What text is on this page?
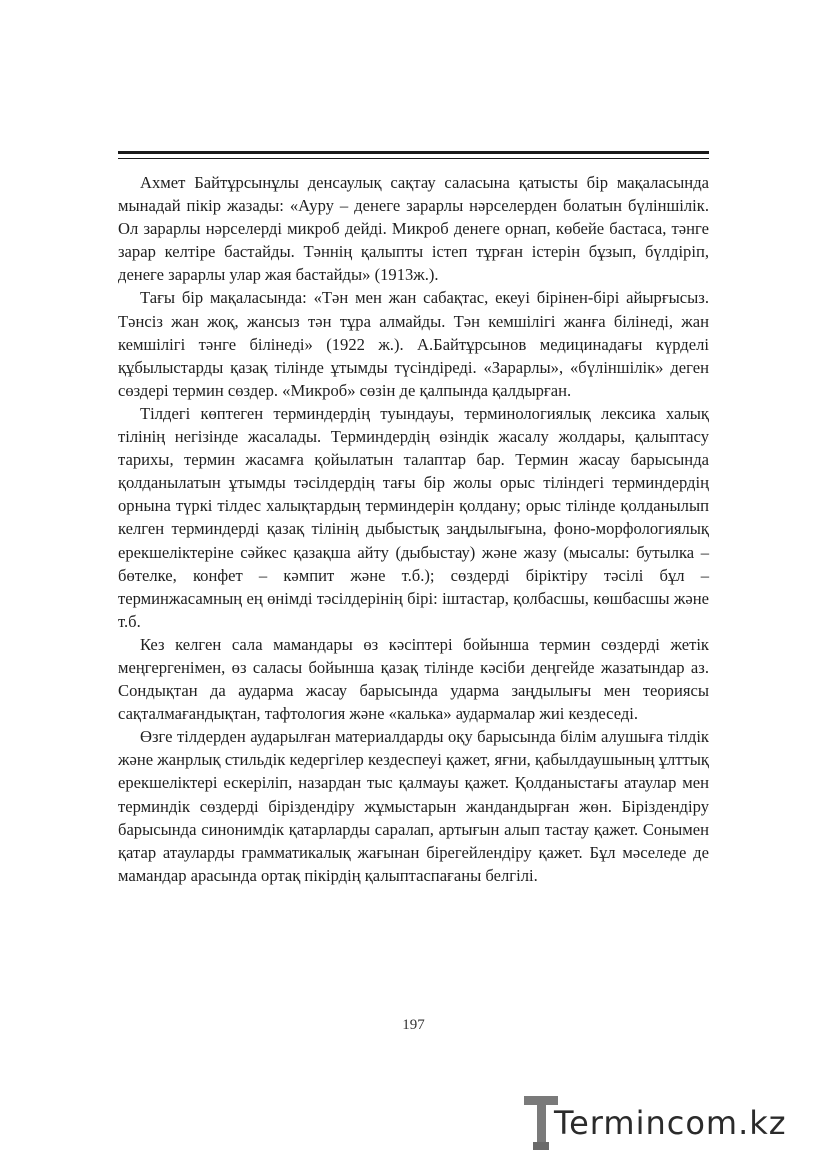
Ахмет Байтұрсынұлы денсаулық сақтау саласына қатысты бір мақаласында мынадай пікір жазады: «Ауру – денеге зарарлы нәрселерден болатын бүліншілік. Ол зарарлы нәрселерді микроб дейді. Микроб денеге орнап, көбейе бастаса, тәнге зарар келтіре бастайды. Тәннің қалыпты істеп тұрған істерін бұзып, бүлдіріп, денеге зарарлы улар жая бастайды» (1913ж.).

Тағы бір мақаласында: «Тән мен жан сабақтас, екеуі бірінен-бірі айырғысыз. Тәнсіз жан жоқ, жансыз тән тұра алмайды. Тән кемшілігі жанға білінеді, жан кемшілігі тәнге білінеді» (1922 ж.). А.Байтұрсынов медицинадағы күрделі құбылыстарды қазақ тілінде ұтымды түсіндіреді. «Зарарлы», «бүліншілік» деген сөздері термин сөздер. «Микроб» сөзін де қалпында қалдырған.

Тілдегі көптеген терминдердің туындауы, терминологиялық лексика халық тілінің негізінде жасалады. Терминдердің өзіндік жасалу жолдары, қалыптасу тарихы, термин жасамға қойылатын талаптар бар. Термин жасау барысында қолданылатын ұтымды тәсілдердің тағы бір жолы орыс тіліндегі терминдердің орнына түркі тілдес халықтардың терминдерін қолдану; орыс тілінде қолданылып келген терминдерді қазақ тілінің дыбыстық заңдылығына, фоно-морфологиялық ерекшеліктеріне сәйкес қазақша айту (дыбыстау) және жазу (мысалы: бутылка – бөтелке, конфет – кәмпит және т.б.); сөздерді біріктіру тәсілі бұл – терминжасамның ең өнімді тәсілдерінің бірі: іштастар, қолбасшы, көшбасшы және т.б.

Кез келген сала мамандары өз кәсіптері бойынша термин сөздерді жетік меңгергенімен, өз саласы бойынша қазақ тілінде кәсіби деңгейде жазатындар аз. Сондықтан да аударма жасау барысында ударма заңдылығы мен теориясы сақталмағандықтан, тафтология және «калька» аудармалар жиі кездеседі.

Өзге тілдерден аударылған материалдарды оқу барысында білім алушыға тілдік және жанрлық стильдік кедергілер кездеспеуі қажет, яғни, қабылдаушының ұлттық ерекшеліктері ескеріліп, назардан тыс қалмауы қажет. Қолданыстағы атаулар мен терминдік сөздерді біріздендіру жұмыстарын жандандырған жөн. Біріздендіру барысында синонимдік қатарларды саралап, артығын алып тастау қажет. Сонымен қатар атауларды грамматикалық жағынан бірегейлендіру қажет. Бұл мәселеде де мамандар арасында ортақ пікірдің қалыптаспағаны белгілі.

197
Termincom.kz
